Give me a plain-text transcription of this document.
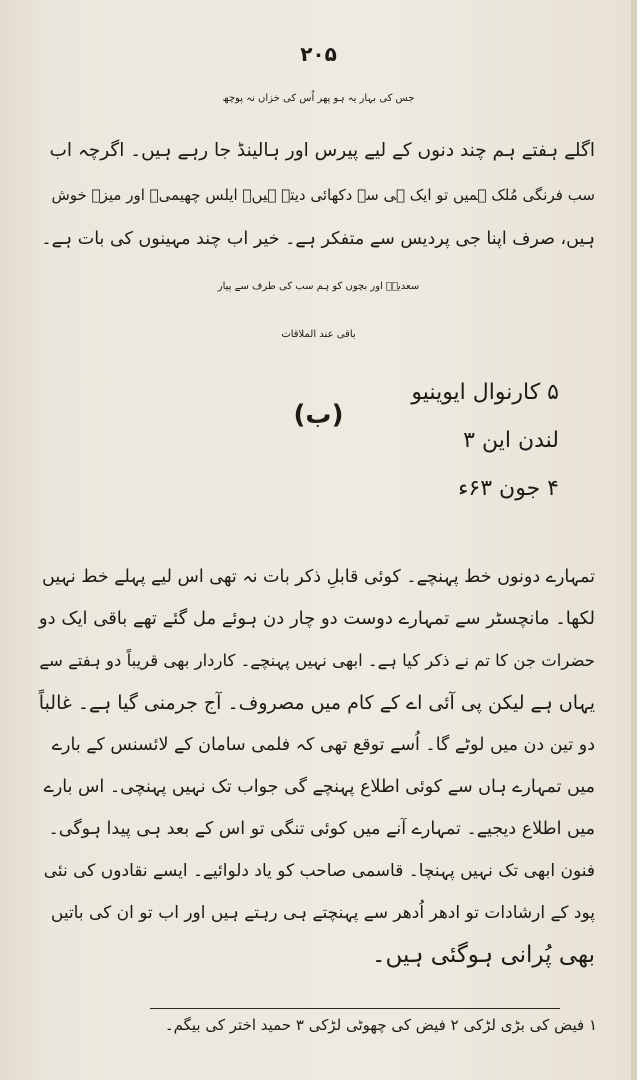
۲۰۵
جس کی بہار یہ ہو پھر اُس کی خزاں نہ پوچھ
اگلے ہفتے ہم چند دنوں کے لیے پیرس اور ہالینڈ جا رہے ہیں۔ اگرچہ اب
سب فرنگی مُلک ہمیں تو ایک ہی سے دکھائی دیتے ہیں۔ ایلس چھیمیؔ اور میزؔ خوش
ہیں، صرف اپنا جی پردیس سے متفکر ہے۔ خیر اب چند مہینوں کی بات ہے۔
سعدیہؔ اور بچوں کو ہم سب کی طرف سے پیار
باقی عند الملاقات
(ب)
۵ کارنوال ایوینیو
لندن این ۳
۴ جون ۶۳ء
تمہارے دونوں خط پہنچے۔ کوئی قابلِ ذکر بات نہ تھی اس لیے پہلے خط نہیں
لکھا۔ مانچسٹر سے تمہارے دوست دو چار دن ہوئے مل گئے تھے باقی ایک دو
حضرات جن کا تم نے ذکر کیا ہے۔ ابھی نہیں پہنچے۔ کاردار بھی قریباً دو ہفتے سے
یہاں ہے لیکن پی آئی اے کے کام میں مصروف۔ آج جرمنی گیا ہے۔ غالباً
دو تین دن میں لوٹے گا۔ اُسے توقع تھی کہ فلمی سامان کے لائسنس کے بارے
میں تمہارے ہاں سے کوئی اطلاع پہنچے گی جواب تک نہیں پہنچی۔ اس بارے
میں اطلاع دیجیے۔ تمہارے آنے میں کوئی تنگی تو اس کے بعد ہی پیدا ہوگی۔
فنون ابھی تک نہیں پہنچا۔ قاسمی صاحب کو یاد دلوائیے۔ ایسے نقادوں کی نئی
پود کے ارشادات تو ادھر اُدھر سے پہنچتے ہی رہتے ہیں اور اب تو ان کی باتیں
بھی پُرانی ہوگئی ہیں۔
۱ فیض کی بڑی لڑکی ۲ فیض کی چھوٹی لڑکی ۳ حمید اختر کی بیگم۔
